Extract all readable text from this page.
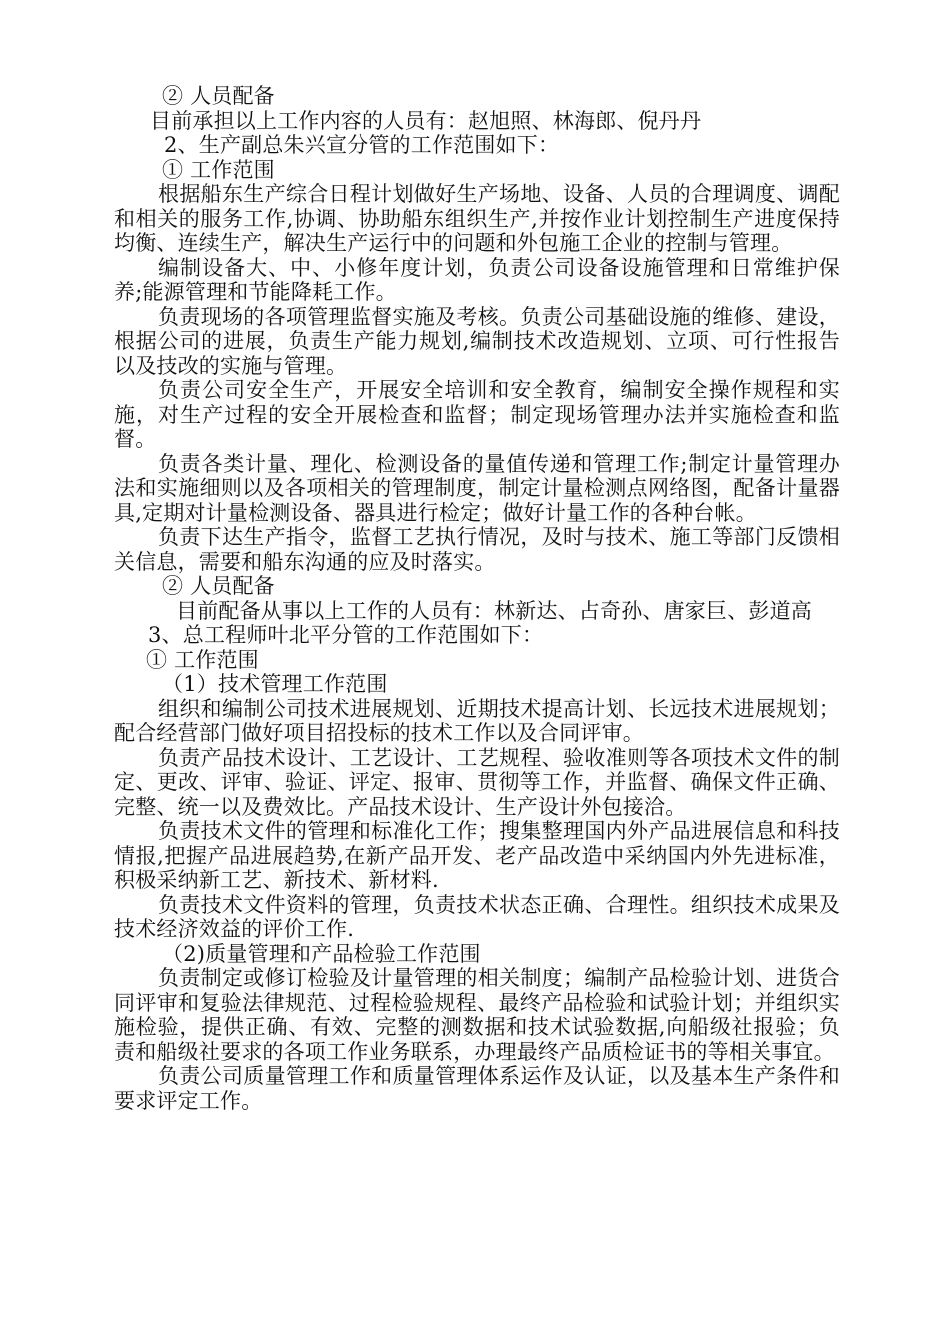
② 人员配备

目前承担以上工作内容的人员有：赵旭照、林海郎、倪丹丹

2、生产副总朱兴宣分管的工作范围如下：

① 工作范围

根据船东生产综合日程计划做好生产场地、设备、人员的合理调度、调配和相关的服务工作,协调、协助船东组织生产,并按作业计划控制生产进度保持均衡、连续生产，解决生产运行中的问题和外包施工企业的控制与管理。

编制设备大、中、小修年度计划，负责公司设备设施管理和日常维护保养;能源管理和节能降耗工作。

负责现场的各项管理监督实施及考核。负责公司基础设施的维修、建设，根据公司的进展，负责生产能力规划,编制技术改造规划、立项、可行性报告以及技改的实施与管理。

负责公司安全生产，开展安全培训和安全教育，编制安全操作规程和实施，对生产过程的安全开展检查和监督；制定现场管理办法并实施检查和监督。

负责各类计量、理化、检测设备的量值传递和管理工作;制定计量管理办法和实施细则以及各项相关的管理制度，制定计量检测点网络图，配备计量器具,定期对计量检测设备、器具进行检定；做好计量工作的各种台帐。

负责下达生产指令，监督工艺执行情况，及时与技术、施工等部门反馈相关信息，需要和船东沟通的应及时落实。

② 人员配备

目前配备从事以上工作的人员有：林新达、占奇孙、唐家巨、彭道高

3、总工程师叶北平分管的工作范围如下：

① 工作范围

（1）技术管理工作范围

组织和编制公司技术进展规划、近期技术提高计划、长远技术进展规划；配合经营部门做好项目招投标的技术工作以及合同评审。

负责产品技术设计、工艺设计、工艺规程、验收准则等各项技术文件的制定、更改、评审、验证、评定、报审、贯彻等工作，并监督、确保文件正确、完整、统一以及费效比。产品技术设计、生产设计外包接洽。

负责技术文件的管理和标准化工作；搜集整理国内外产品进展信息和科技情报,把握产品进展趋势,在新产品开发、老产品改造中采纳国内外先进标准，积极采纳新工艺、新技术、新材料.

负责技术文件资料的管理，负责技术状态正确、合理性。组织技术成果及技术经济效益的评价工作.

（2)质量管理和产品检验工作范围

负责制定或修订检验及计量管理的相关制度；编制产品检验计划、进货合同评审和复验法律规范、过程检验规程、最终产品检验和试验计划；并组织实施检验，提供正确、有效、完整的测数据和技术试验数据,向船级社报验；负责和船级社要求的各项工作业务联系，办理最终产品质检证书的等相关事宜。

负责公司质量管理工作和质量管理体系运作及认证，以及基本生产条件和要求评定工作。
